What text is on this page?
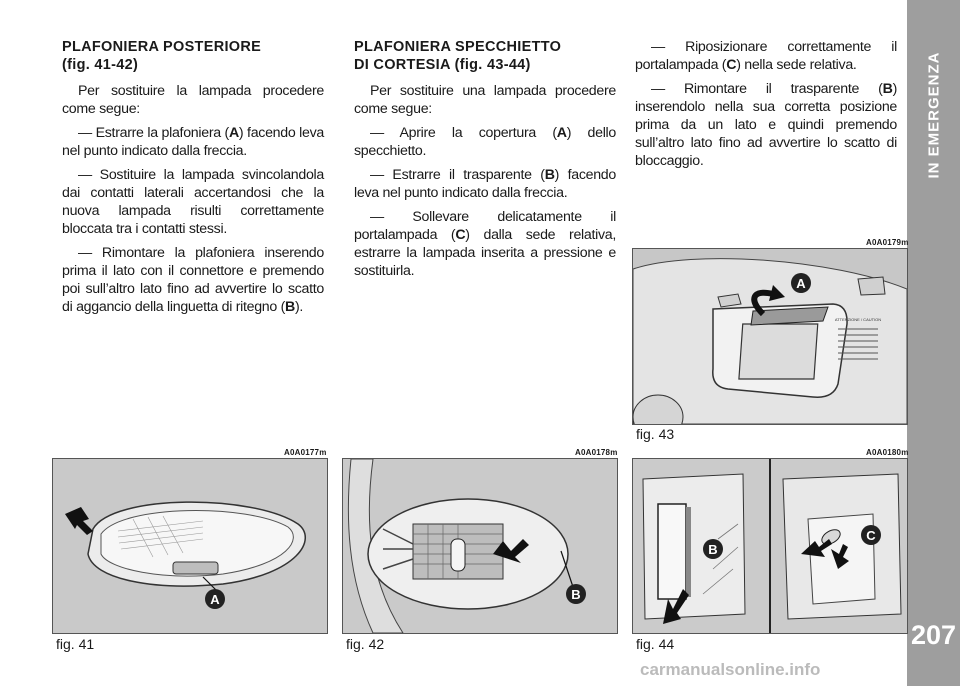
IN EMERGENZA
207
PLAFONIERA POSTERIORE
(fig. 41-42)

Per sostituire la lampada procedere come segue:

— Estrarre la plafoniera (A) facendo leva nel punto indicato dalla freccia.

— Sostituire la lampada svincolandola dai contatti laterali accertandosi che la nuova lampada risulti correttamente bloccata tra i contatti stessi.

— Rimontare la plafoniera inserendo prima il lato con il connettore e premendo poi sull’altro lato fino ad avvertire lo scatto di aggancio della linguetta di ritegno (B).

PLAFONIERA SPECCHIETTO
DI CORTESIA (fig. 43-44)

Per sostituire una lampada procedere come segue:

— Aprire la copertura (A) dello specchietto.

— Estrarre il trasparente (B) facendo leva nel punto indicato dalla freccia.

— Sollevare delicatamente il portalampada (C) dalla sede relativa, estrarre la lampada inserita a pressione e sostituirla.

— Riposizionare correttamente il portalampada (C) nella sede relativa.

— Rimontare il trasparente (B) inserendolo nella sua corretta posizione prima da un lato e quindi premendo sull’altro lato fino ad avvertire lo scatto di bloccaggio.

A0A0179m
A
ATTENZIONE / CAUTION
fig. 43
A0A0177m
A
fig. 41
A0A0178m
B
fig. 42
A0A0180m
B
C
fig. 44
carmanualsonline.info
